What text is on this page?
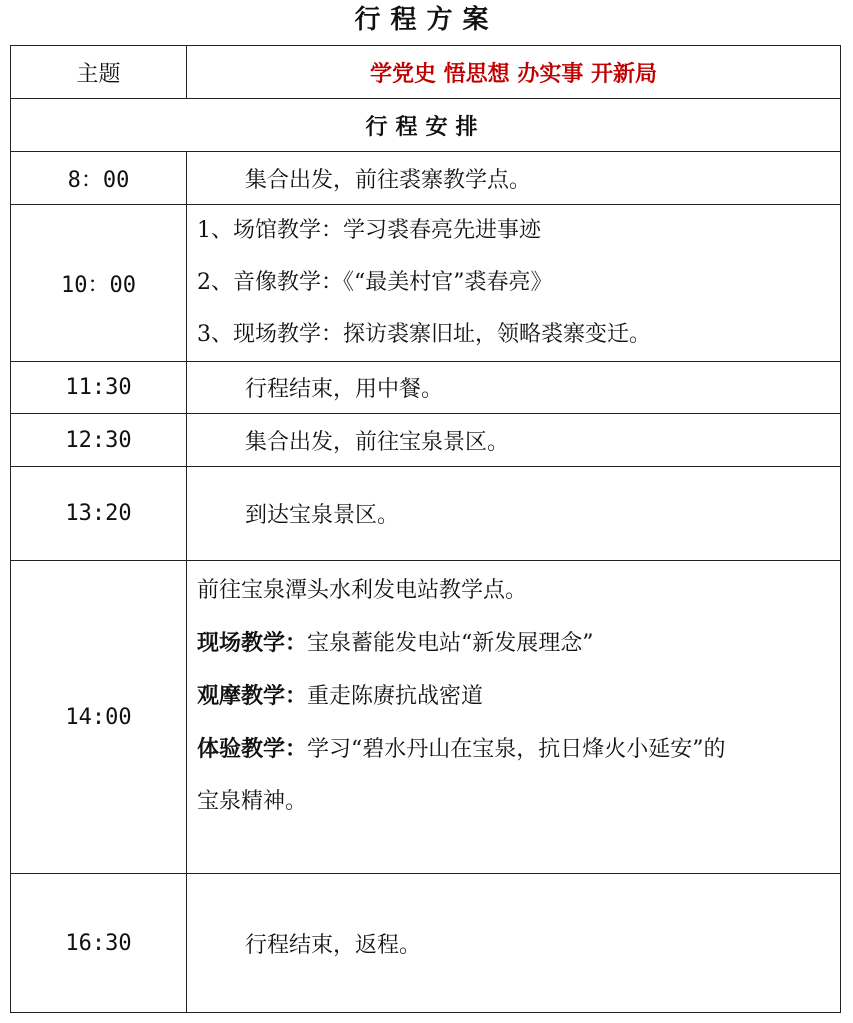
行程方案
主题	学党史 悟思想 办实事 开新局
行程安排	
8：00	集合出发，前往裘寨教学点。
10：00	1、场馆教学：学习裘春亮先进事迹
2、音像教学：《“最美村官”裘春亮》
3、现场教学：探访裘寨旧址，领略裘寨变迁。

11:30	行程结束，用中餐。
12:30	集合出发，前往宝泉景区。
13:20	到达宝泉景区。
14:00	前往宝泉潭头水利发电站教学点。
现场教学：宝泉蓄能发电站“新发展理念”
观摩教学：重走陈赓抗战密道
体验教学：学习“碧水丹山在宝泉，抗日烽火小延安”的
宝泉精神。

16:30	行程结束，返程。
